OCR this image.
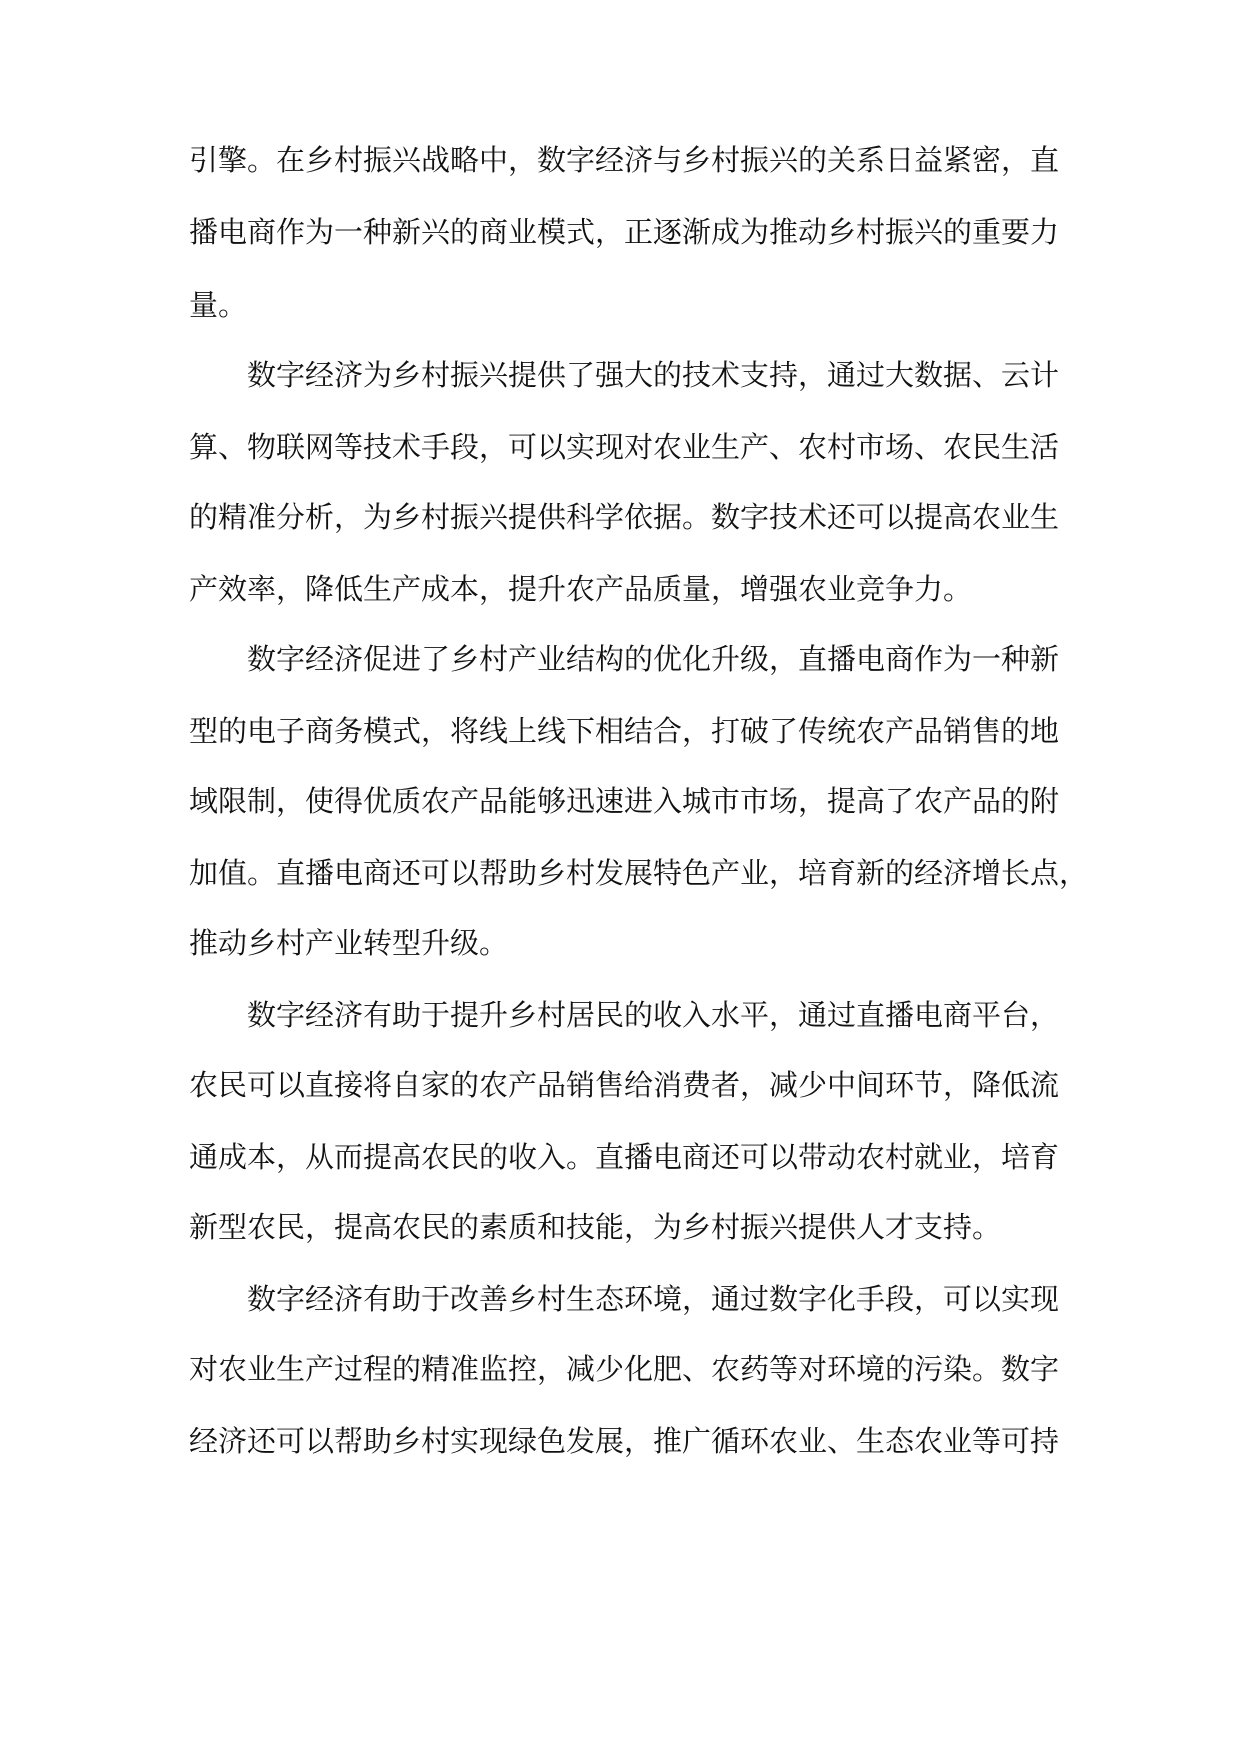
引擎。在乡村振兴战略中，数字经济与乡村振兴的关系日益紧密，直
播电商作为一种新兴的商业模式，正逐渐成为推动乡村振兴的重要力
量。
数字经济为乡村振兴提供了强大的技术支持，通过大数据、云计
算、物联网等技术手段，可以实现对农业生产、农村市场、农民生活
的精准分析，为乡村振兴提供科学依据。数字技术还可以提高农业生
产效率，降低生产成本，提升农产品质量，增强农业竞争力。
数字经济促进了乡村产业结构的优化升级，直播电商作为一种新
型的电子商务模式，将线上线下相结合，打破了传统农产品销售的地
域限制，使得优质农产品能够迅速进入城市市场，提高了农产品的附
加值。直播电商还可以帮助乡村发展特色产业，培育新的经济增长点，
推动乡村产业转型升级。
数字经济有助于提升乡村居民的收入水平，通过直播电商平台，
农民可以直接将自家的农产品销售给消费者，减少中间环节，降低流
通成本，从而提高农民的收入。直播电商还可以带动农村就业，培育
新型农民，提高农民的素质和技能，为乡村振兴提供人才支持。
数字经济有助于改善乡村生态环境，通过数字化手段，可以实现
对农业生产过程的精准监控，减少化肥、农药等对环境的污染。数字
经济还可以帮助乡村实现绿色发展，推广循环农业、生态农业等可持
